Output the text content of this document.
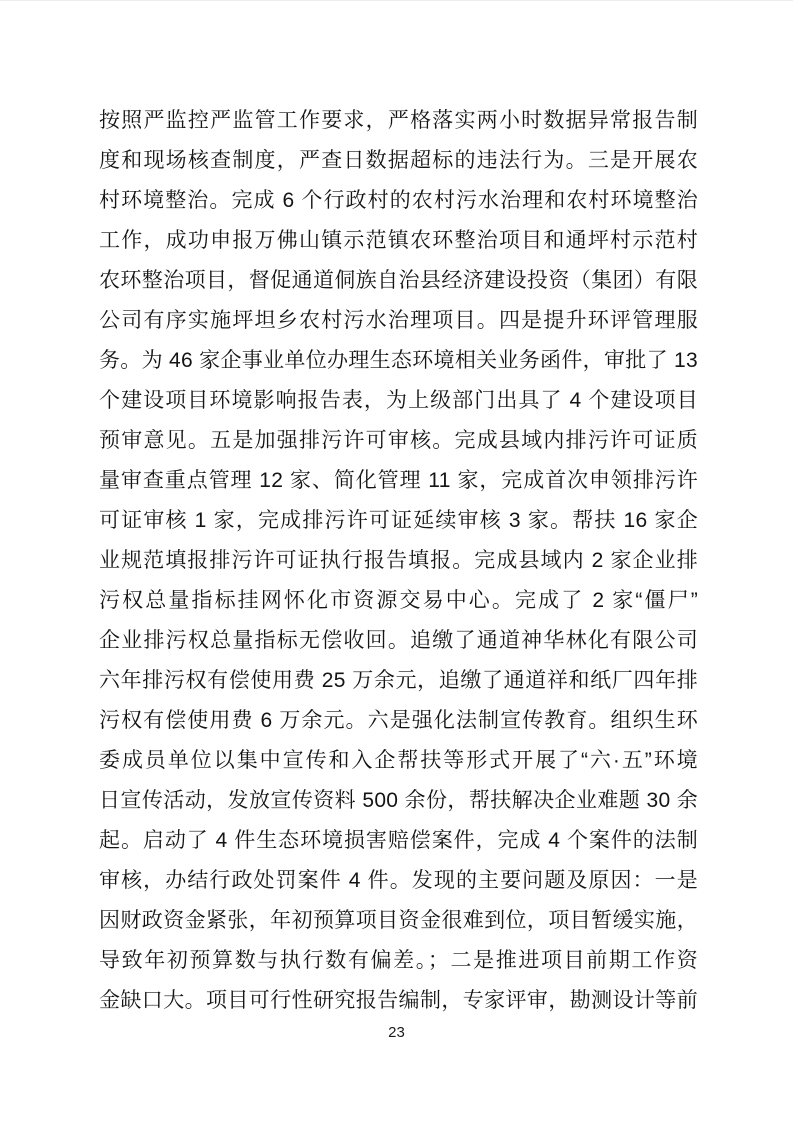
按照严监控严监管工作要求，严格落实两小时数据异常报告制
度和现场核查制度，严查日数据超标的违法行为。三是开展农
村环境整治。完成 6 个行政村的农村污水治理和农村环境整治
工作，成功申报万佛山镇示范镇农环整治项目和通坪村示范村
农环整治项目，督促通道侗族自治县经济建设投资（集团）有限
公司有序实施坪坦乡农村污水治理项目。四是提升环评管理服
务。为 46 家企事业单位办理生态环境相关业务函件，审批了 13
个建设项目环境影响报告表，为上级部门出具了 4 个建设项目
预审意见。五是加强排污许可审核。完成县域内排污许可证质
量审查重点管理 12 家、简化管理 11 家，完成首次申领排污许
可证审核 1 家，完成排污许可证延续审核 3 家。帮扶 16 家企
业规范填报排污许可证执行报告填报。完成县域内 2 家企业排
污权总量指标挂网怀化市资源交易中心。完成了 2 家“僵尸”
企业排污权总量指标无偿收回。追缴了通道神华林化有限公司
六年排污权有偿使用费 25 万余元，追缴了通道祥和纸厂四年排
污权有偿使用费 6 万余元。六是强化法制宣传教育。组织生环
委成员单位以集中宣传和入企帮扶等形式开展了“六·五”环境
日宣传活动，发放宣传资料 500 余份，帮扶解决企业难题 30 余
起。启动了 4 件生态环境损害赔偿案件，完成 4 个案件的法制
审核，办结行政处罚案件 4 件。发现的主要问题及原因：一是
因财政资金紧张，年初预算项目资金很难到位，项目暂缓实施，
导致年初预算数与执行数有偏差。；二是推进项目前期工作资
金缺口大。项目可行性研究报告编制，专家评审，勘测设计等前
23
